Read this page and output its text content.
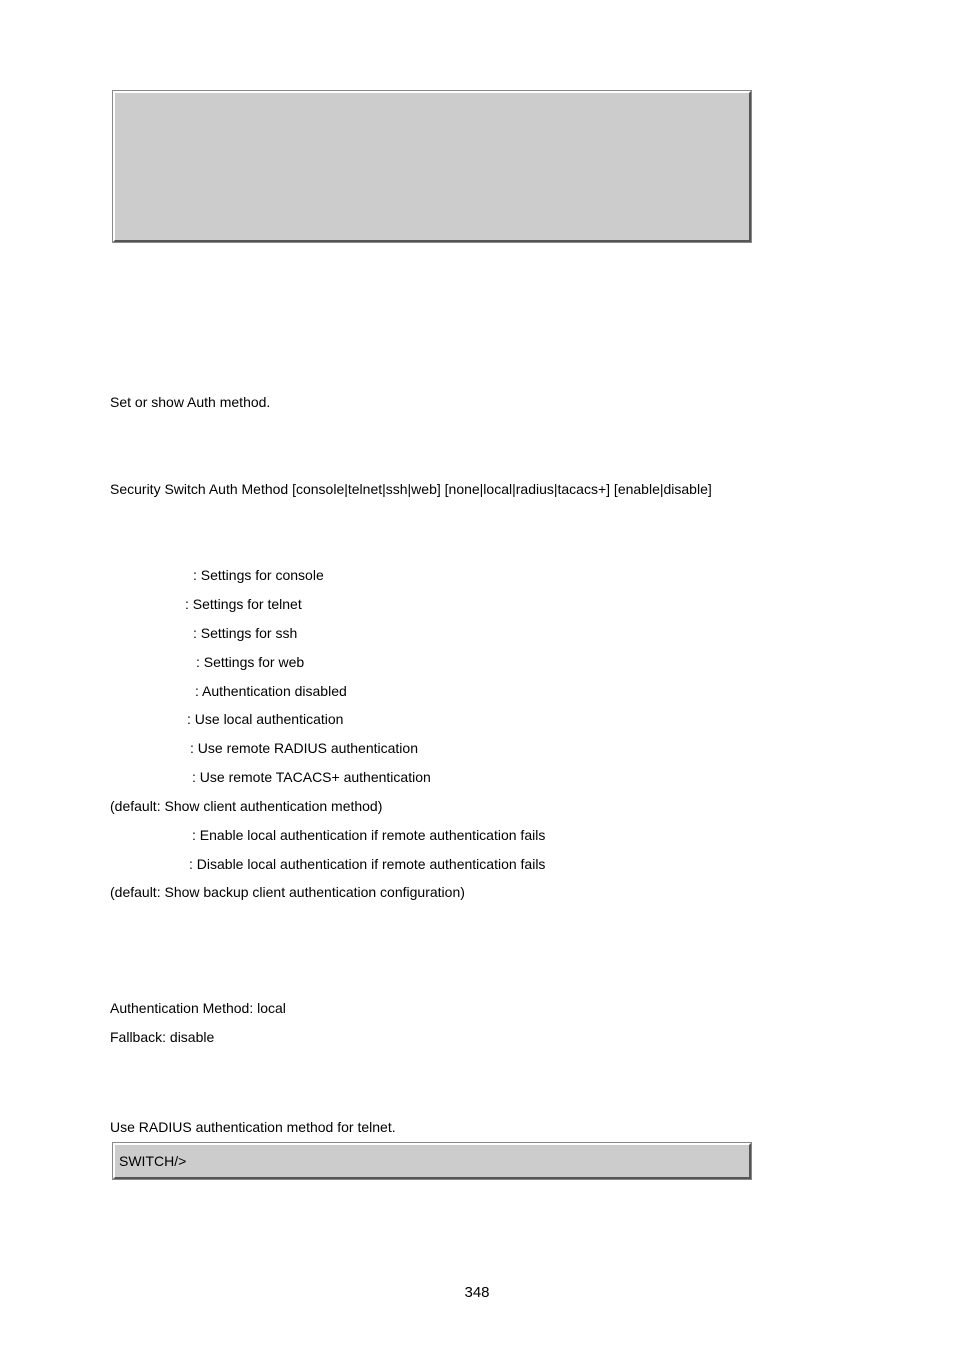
Set or show Auth method.
Security Switch Auth Method [console|telnet|ssh|web] [none|local|radius|tacacs+] [enable|disable]
: Settings for console
: Settings for telnet
: Settings for ssh
: Settings for web
: Authentication disabled
: Use local authentication
: Use remote RADIUS authentication
: Use remote TACACS+ authentication
(default: Show client authentication method)
: Enable local authentication if remote authentication fails
: Disable local authentication if remote authentication fails
(default: Show backup client authentication configuration)
Authentication Method: local
Fallback: disable
Use RADIUS authentication method for telnet.
SWITCH/>
348
